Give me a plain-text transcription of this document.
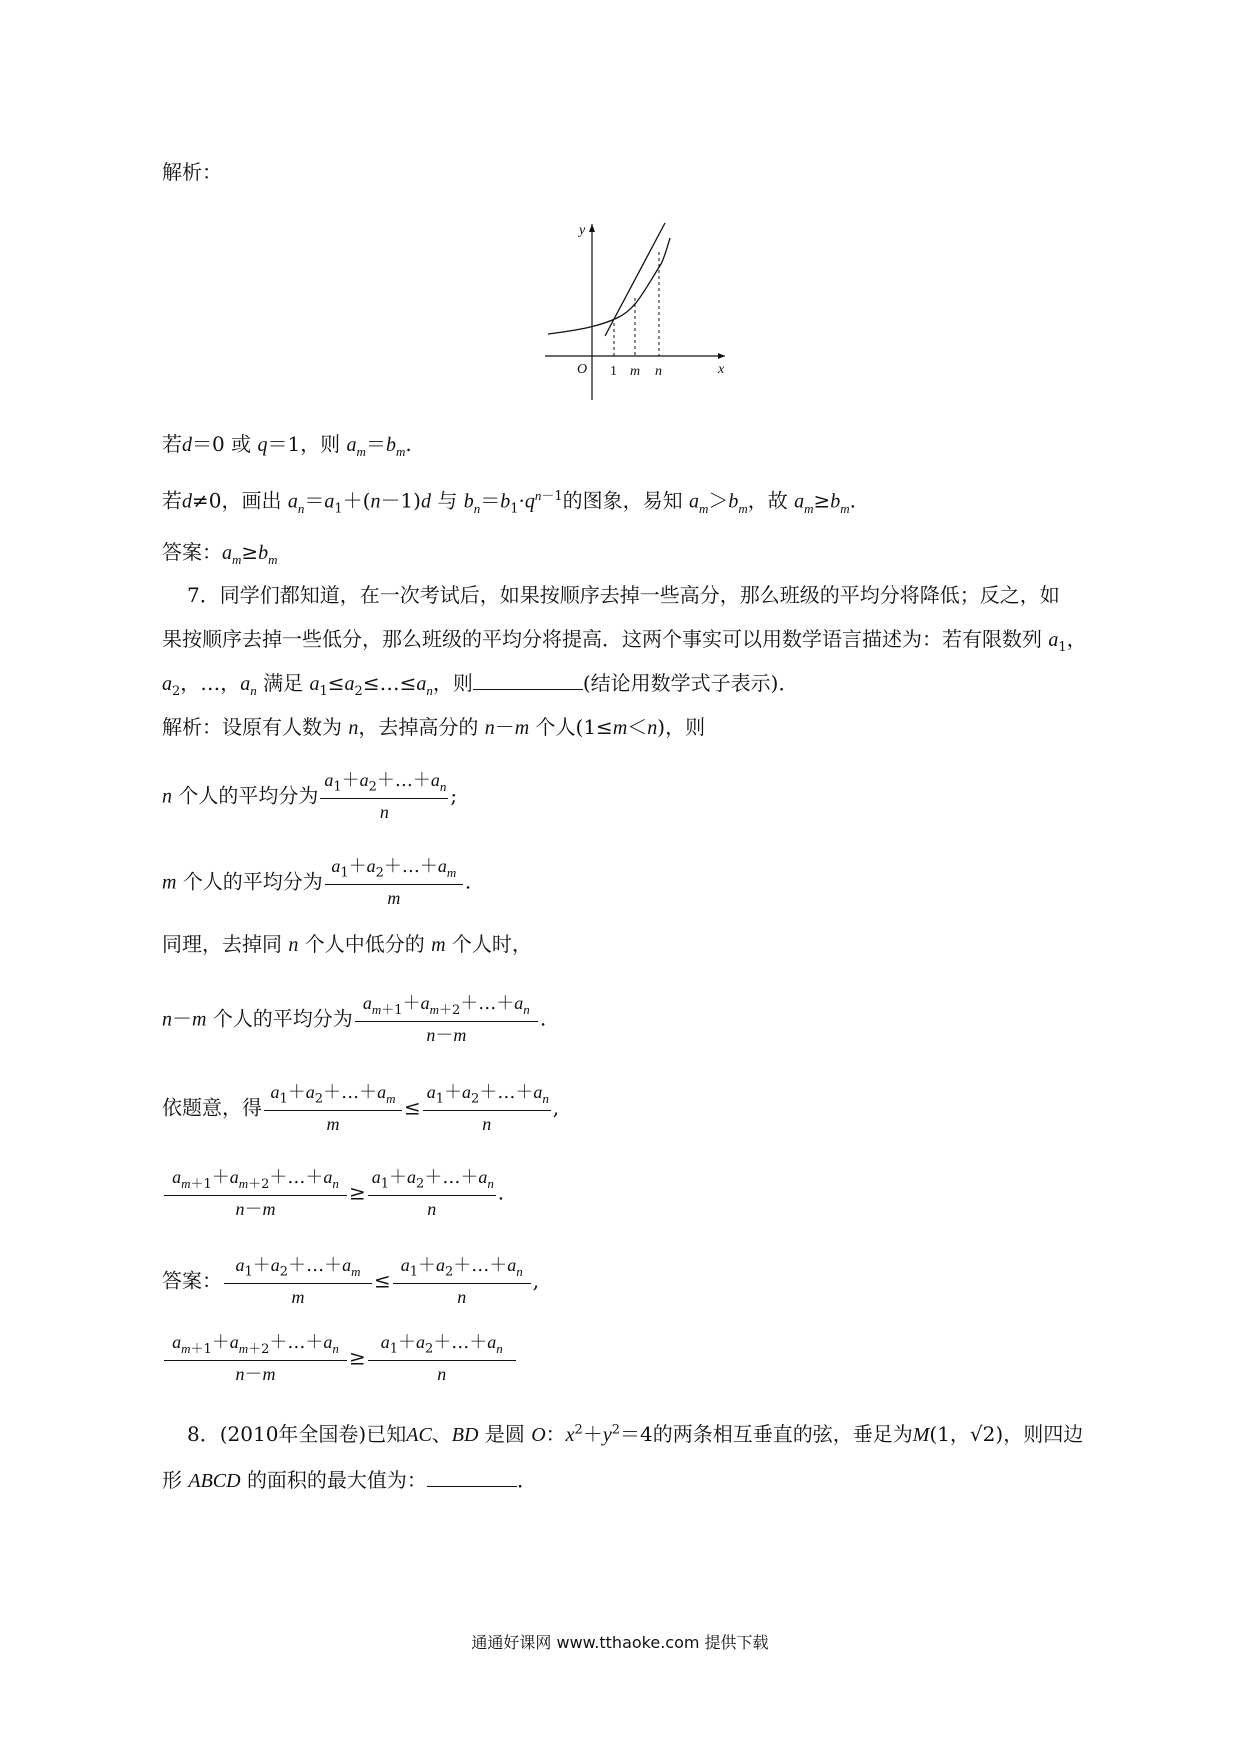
解析：
y
x
O 1 m n
若d＝0 或 q＝1，则 $a_m=b_m$.
若d≠0，画出 $a_n=a_1+(n-1)d$ 与 $b_n=b_1\cdot q^{n-1}$的图象，易知 $a_m>b_m$，故 $a_m\ge b_m$.
答案：$a_m\ge b_m$
7．同学们都知道，在一次考试后，如果按顺序去掉一些高分，那么班级的平均分将降低；反之，如
果按顺序去掉一些低分，那么班级的平均分将提高．这两个事实可以用数学语言描述为：若有限数列 $a_1$，
$a_2$，…，$a_n$ 满足 $a_1\le a_2\le\dots\le a_n$，则	(结论用数学式子表示)．
解析：设原有人数为 n，去掉高分的 n－m 个人(1≤m＜n)，则
n 个人的平均分为 $\frac{a_1+a_2+\dots+a_n}{n}$ ;
m 个人的平均分为 $\frac{a_1+a_2+\dots+a_m}{m}$ .
同理，去掉同 n 个人中低分的 m 个人时，
n－m 个人的平均分为 $\frac{a_{m+1}+a_{m+2}+\dots+a_n}{n-m}$ .
依题意，得 $\frac{a_1+a_2+\dots+a_m}{m} \le \frac{a_1+a_2+\dots+a_n}{n}$ ,
$\frac{a_{m+1}+a_{m+2}+\dots+a_n}{n-m} \ge \frac{a_1+a_2+\dots+a_n}{n}$ .
答案： $\frac{a_1+a_2+\dots+a_m}{m} \le \frac{a_1+a_2+\dots+a_n}{n}$ ,
$\frac{a_{m+1}+a_{m+2}+\dots+a_n}{n-m} \ge \frac{a_1+a_2+\dots+a_n}{n}$
8．(2010年全国卷)已知AC、BD 是圆 O：$x^2+y^2=4$的两条相互垂直的弦，垂足为M(1，√2)，则四边
形 ABCD 的面积的最大值为：	．
通通好课网 www.tthaoke.com 提供下载
